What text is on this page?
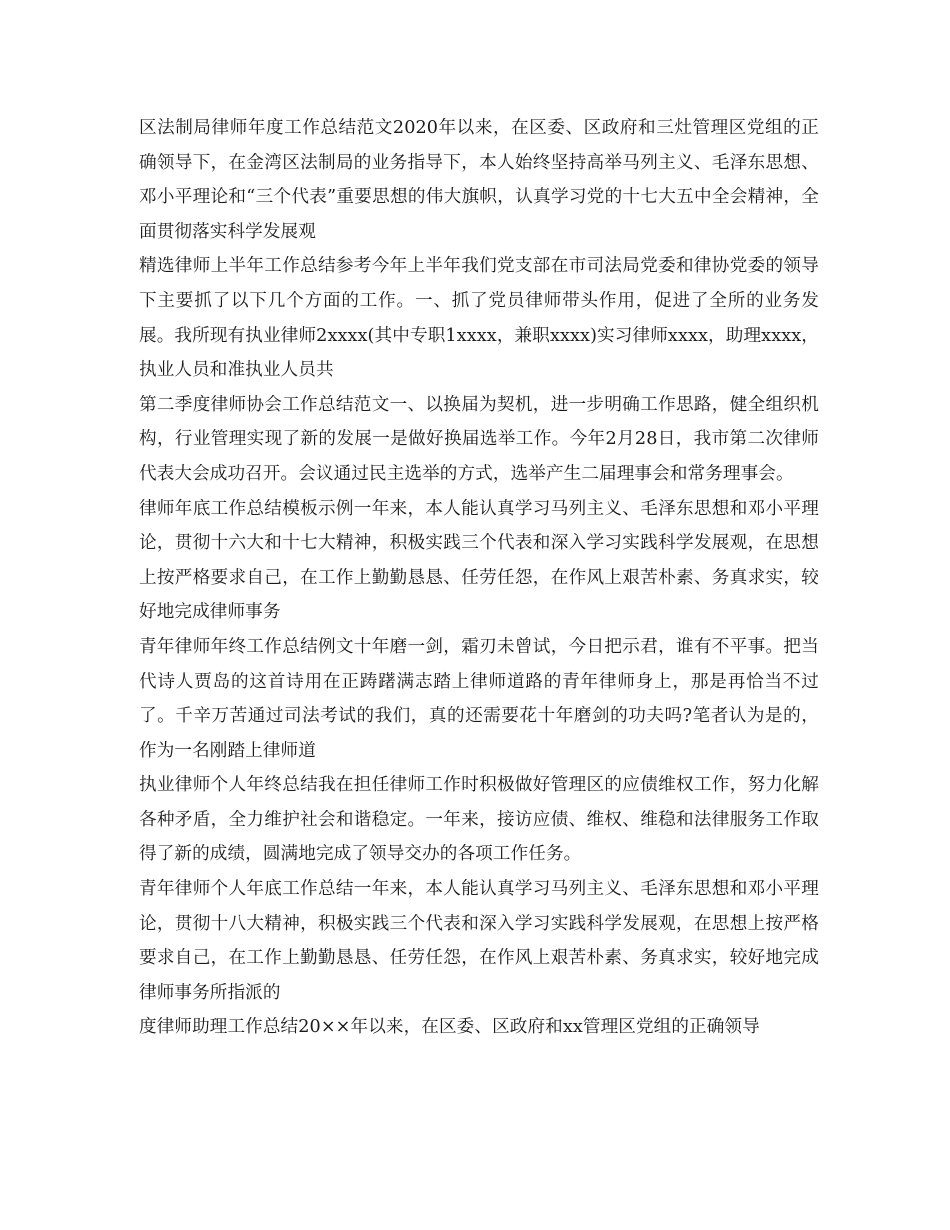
区法制局律师年度工作总结范文2020年以来，在区委、区政府和三灶管理区党组的正确领导下，在金湾区法制局的业务指导下，本人始终坚持高举马列主义、毛泽东思想、邓小平理论和“三个代表”重要思想的伟大旗帜，认真学习党的十七大五中全会精神，全面贯彻落实科学发展观

精选律师上半年工作总结参考今年上半年我们党支部在市司法局党委和律协党委的领导下主要抓了以下几个方面的工作。一、抓了党员律师带头作用，促进了全所的业务发展。我所现有执业律师2xxxx(其中专职1xxxx，兼职xxxx)实习律师xxxx，助理xxxx，执业人员和准执业人员共

第二季度律师协会工作总结范文一、以换届为契机，进一步明确工作思路，健全组织机构，行业管理实现了新的发展一是做好换届选举工作。今年2月28日，我市第二次律师代表大会成功召开。会议通过民主选举的方式，选举产生二届理事会和常务理事会。

律师年底工作总结模板示例一年来，本人能认真学习马列主义、毛泽东思想和邓小平理论，贯彻十六大和十七大精神，积极实践三个代表和深入学习实践科学发展观，在思想上按严格要求自己，在工作上勤勤恳恳、任劳任怨，在作风上艰苦朴素、务真求实，较好地完成律师事务

青年律师年终工作总结例文十年磨一剑，霜刃未曾试，今日把示君，谁有不平事。把当代诗人贾岛的这首诗用在正踌躇满志踏上律师道路的青年律师身上，那是再恰当不过了。千辛万苦通过司法考试的我们，真的还需要花十年磨剑的功夫吗?笔者认为是的，作为一名刚踏上律师道

执业律师个人年终总结我在担任律师工作时积极做好管理区的应债维权工作，努力化解各种矛盾，全力维护社会和谐稳定。一年来，接访应债、维权、维稳和法律服务工作取得了新的成绩，圆满地完成了领导交办的各项工作任务。

青年律师个人年底工作总结一年来，本人能认真学习马列主义、毛泽东思想和邓小平理论，贯彻十八大精神，积极实践三个代表和深入学习实践科学发展观，在思想上按严格要求自己，在工作上勤勤恳恳、任劳任怨，在作风上艰苦朴素、务真求实，较好地完成律师事务所指派的

度律师助理工作总结20××年以来，在区委、区政府和xx管理区党组的正确领导
